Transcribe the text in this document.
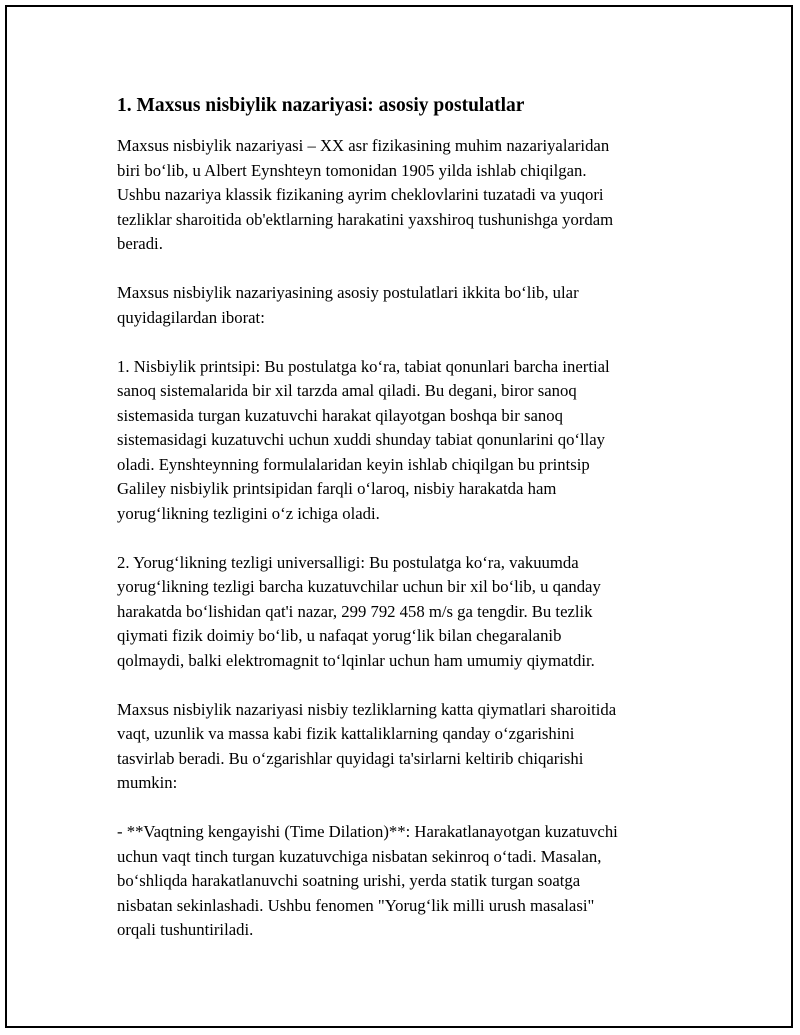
1. Maxsus nisbiylik nazariyasi: asosiy postulatlar
Maxsus nisbiylik nazariyasi – XX asr fizikasining muhim nazariyalaridan
biri bo‘lib, u Albert Eynshteyn tomonidan 1905 yilda ishlab chiqilgan.
Ushbu nazariya klassik fizikaning ayrim cheklovlarini tuzatadi va yuqori
tezliklar sharoitida ob'ektlarning harakatini yaxshiroq tushunishga yordam
beradi.
Maxsus nisbiylik nazariyasining asosiy postulatlari ikkita bo‘lib, ular
quyidagilardan iborat:
1. Nisbiylik printsipi: Bu postulatga ko‘ra, tabiat qonunlari barcha inertial
sanoq sistemalarida bir xil tarzda amal qiladi. Bu degani, biror sanoq
sistemasida turgan kuzatuvchi harakat qilayotgan boshqa bir sanoq
sistemasidagi kuzatuvchi uchun xuddi shunday tabiat qonunlarini qo‘llay
oladi. Eynshteynning formulalaridan keyin ishlab chiqilgan bu printsip
Galiley nisbiylik printsipidan farqli o‘laroq, nisbiy harakatda ham
yorug‘likning tezligini o‘z ichiga oladi.
2. Yorug‘likning tezligi universalligi: Bu postulatga ko‘ra, vakuumda
yorug‘likning tezligi barcha kuzatuvchilar uchun bir xil bo‘lib, u qanday
harakatda bo‘lishidan qat'i nazar, 299 792 458 m/s ga tengdir. Bu tezlik
qiymati fizik doimiy bo‘lib, u nafaqat yorug‘lik bilan chegaralanib
qolmaydi, balki elektromagnit to‘lqinlar uchun ham umumiy qiymatdir.
Maxsus nisbiylik nazariyasi nisbiy tezliklarning katta qiymatlari sharoitida
vaqt, uzunlik va massa kabi fizik kattaliklarning qanday o‘zgarishini
tasvirlab beradi. Bu o‘zgarishlar quyidagi ta'sirlarni keltirib chiqarishi
mumkin:
- **Vaqtning kengayishi (Time Dilation)**: Harakatlanayotgan kuzatuvchi
uchun vaqt tinch turgan kuzatuvchiga nisbatan sekinroq o‘tadi. Masalan,
bo‘shliqda harakatlanuvchi soatning urishi, yerda statik turgan soatga
nisbatan sekinlashadi. Ushbu fenomen "Yorug‘lik milli urush masalasi"
orqali tushuntiriladi.
